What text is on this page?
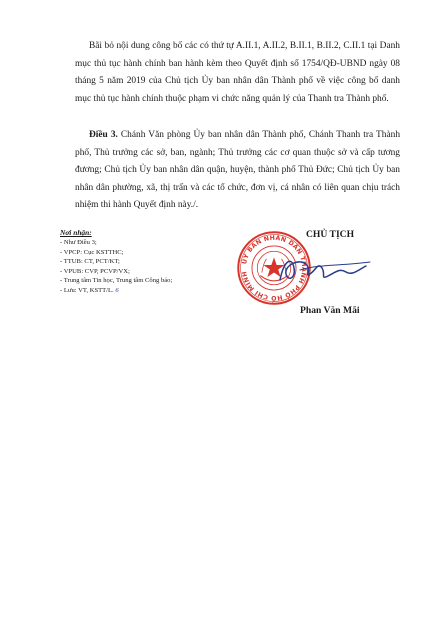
Bãi bỏ nội dung công bố các có thứ tự A.II.1, A.II.2, B.II.1, B.II.2, C.II.1 tại Danh mục thủ tục hành chính ban hành kèm theo Quyết định số 1754/QĐ-UBND ngày 08 tháng 5 năm 2019 của Chủ tịch Ủy ban nhân dân Thành phố về việc công bố danh mục thủ tục hành chính thuộc phạm vi chức năng quản lý của Thanh tra Thành phố.

Điều 3. Chánh Văn phòng Ủy ban nhân dân Thành phố, Chánh Thanh tra Thành phố, Thủ trưởng các sở, ban, ngành; Thủ trưởng các cơ quan thuộc sở và cấp tương đương; Chủ tịch Ủy ban nhân dân quận, huyện, thành phố Thủ Đức; Chủ tịch Ủy ban nhân dân phường, xã, thị trấn và các tổ chức, đơn vị, cá nhân có liên quan chịu trách nhiệm thi hành Quyết định này./.

Nơi nhận:
- Như Điều 3;
- VPCP: Cục KSTTHC;
- TTUB: CT, PCT/KT;
- VPUB: CVP, PCVP/VX;
- Trung tâm Tin học, Trung tâm Công báo;
- Lưu: VT, KSTT/L. 6
ỦY BAN NHÂN DÂN THÀNH PHỐ HỒ CHÍ MINH
CHỦ TỊCH
Phan Văn Mãi
